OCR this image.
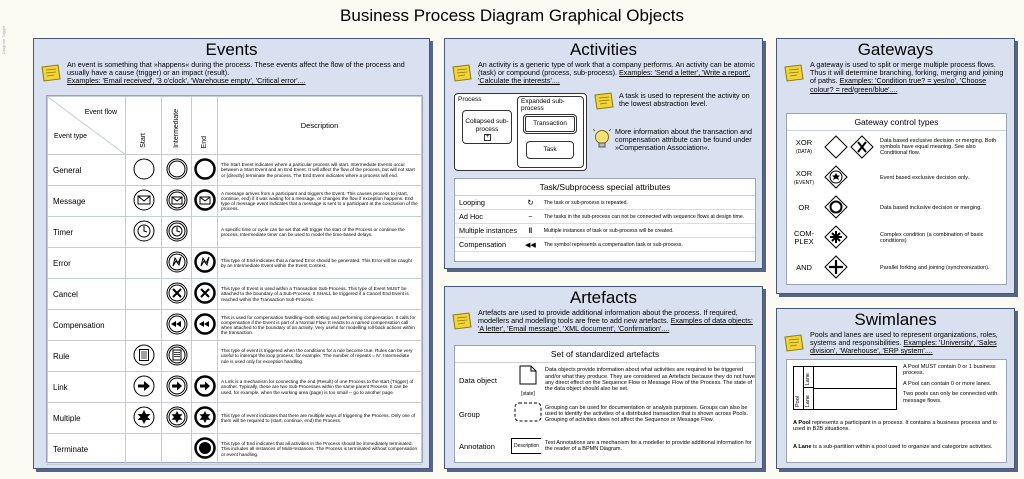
Business Process Diagram Graphical Objects
Diagram Trigger	Events
An event is something that »happens« during the process. These events affect the flow of the process and usually have a cause (trigger) or an impact (result).
Examples: 'Email received', '3 o'clock', 'Warehouse empty', 'Critical error'....
Event flow
Event type	Start	Intermediate	End	Description
General				The Start Event indicates where a particular process will start. Intermediate Events occur between a Start Event and an End Event. It will affect the flow of the process, but will not start or (directly) terminate the process. The End Event indicates where a process will end.
Message				A message arrives from a participant and triggers the Event. This causes process to (start, continue, end) if it was waiting for a message, or changes the flow if exception happens. End type of message event indicates that a message is sent to a participant at the conclusion of the process.
Timer				A specific time or cycle can be set that will trigger the start of the Process or continue the process. Intermediate timer can be used to model the time-based delays.
Error				This type of End indicates that a named Error should be generated. This Error will be caught by an Intermediate Event within the Event Context.
Cancel				This type of Event is used within a Transaction Sub-Process. This type of Event MUST be attached to the boundary of a Sub-Process. It SHALL be triggered if a Cancel End Event is reached within the Transaction Sub-Process.
Compensation				This is used for compensation handling--both setting and performing compensation. It calls for compensation if the Event is part of a Normal Flow. It reacts to a named compensation call when attached to the boundary of an activity. Very useful for modelling roll-back actions within the transaction.
Rule				This type of event is triggered when the conditions for a rule become true. Rules can be very useful to interrupt the loop process, for example: 'The number of repeats = N'. Intermediate rule is used only for exception handling.
Link				A Link is a mechanism for connecting the end (Result) of one Process to the start (Trigger) of another. Typically, these are two Sub-Processes within the same parent Process. It can be used, for example, when the working area (page) is too small -- go to another page.
Multiple				This type of event indicates that there are multiple ways of triggering the Process. Only one of them will be required to (start, continue, end) the Process.
Terminate				This type of End indicates that all activities in the Process should be immediately terminated. This includes all instances of Multi-Instances. The Process is terminated without compensation or event handling.
Activities
An activity is a generic type of work that a company performs. An activity can be atomic (task) or compound (process, sub-process). Examples: 'Send a letter', 'Write a report', 'Calculate the interests'....
Process
Collapsed sub-process
+
Expanded sub-process
Transaction
Task
A task is used to represent the activity on the lowest abstraction level.
More information about the transaction and compensation attribute can be found under »Compensation Association«.
Task/Subprocess special attributes
Looping	↻	The task or sub-process is repeated.
Ad Hoc	~	The tasks in the sub-process can not be connected with sequence flows at design time.
Multiple instances	ǁ	Multiple instances of task or sub-process will be created.
Compensation	◀◀	The symbol represents a compensation task or sub-process.
Gateways
A gateway is used to split or merge multiple process flows. Thus it will determine branching, forking, merging and joining of paths. Examples: 'Condition true? = yes/no', 'Choose colour? = red/green/blue'....
Gateway control types
XOR
(DATA)		Data based exclusive decision or merging. Both symbols have equal meaning. See also Conditional flow.
XOR
(EVENT)		Event based exclusive decision only.
OR		Data based inclusive decision or merging.
COM-
PLEX		Complex condition (a combination of basic conditions)
AND		Parallel forking and joining (synchronization).
Artefacts
Artefacts are used to provide additional information about the process. If required, modellers and modelling tools are free to add new artefacts. Examples of data objects: 'A letter', 'Email message', 'XML document', 'Confirmation'....
Set of standardized artefacts
Data object	[state]	Data objects provide information about what activities are required to be triggered and/or what they produce. They are considered as Artefacts because they do not have any direct effect on the Sequence Flow or Message Flow of the Process. The state of the data object should also be set.
Group		Grouping can be used for documentation or analysis purposes. Groups can also be used to identify the activities of a distributed transaction that is shown across Pools. Grouping of activities does not affect the Sequence or Message Flow.
Annotation	Description	Text Annotations are a mechanism for a modeller to provide additional information for the reader of a BPMN Diagram.
Swimlanes
Pools and lanes are used to represent organizations, roles, systems and responsibilities. Examples: 'University', 'Sales division', 'Warehouse', 'ERP system'....
Pool
Lane
Lane
A Pool MUST contain 0 or 1 business process.
A Pool can contain 0 or more lanes.
Two pools can only be connected with message flows.
A Pool represents a participant in a process. It contains a business process and is used in B2B situations.
A Lane is a sub-partition within a pool used to organize and categorize activities.
